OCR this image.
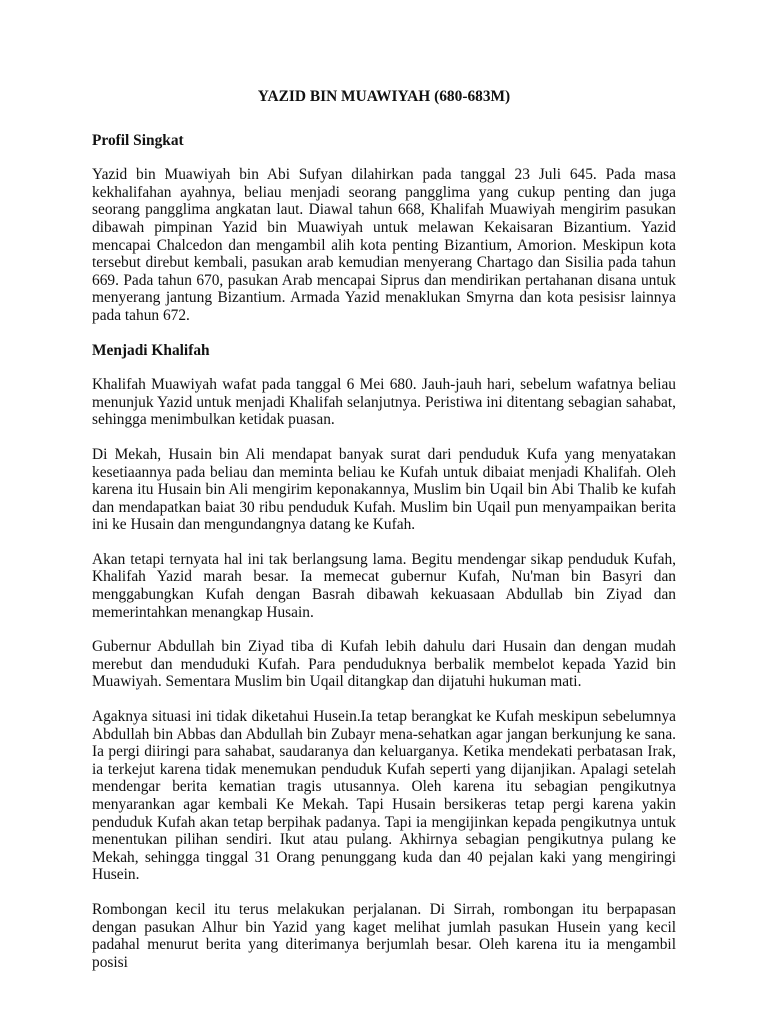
YAZID BIN MUAWIYAH (680-683M)
Profil Singkat

Yazid bin Muawiyah bin Abi Sufyan dilahirkan pada tanggal 23 Juli 645. Pada masa kekhalifahan ayahnya, beliau menjadi seorang pangglima yang cukup penting dan juga seorang pangglima angkatan laut. Diawal tahun 668, Khalifah Muawiyah mengirim pasukan dibawah pimpinan Yazid bin Muawiyah untuk melawan Kekaisaran Bizantium. Yazid mencapai Chalcedon dan mengambil alih kota penting Bizantium, Amorion. Meskipun kota tersebut direbut kembali, pasukan arab kemudian menyerang Chartago dan Sisilia pada tahun 669. Pada tahun 670, pasukan Arab mencapai Siprus dan mendirikan pertahanan disana untuk menyerang jantung Bizantium. Armada Yazid menaklukan Smyrna dan kota pesisisr lainnya pada tahun 672.

Menjadi Khalifah

Khalifah Muawiyah wafat pada tanggal 6 Mei 680. Jauh-jauh hari, sebelum wafatnya beliau menunjuk Yazid untuk menjadi Khalifah selanjutnya. Peristiwa ini ditentang sebagian sahabat, sehingga menimbulkan ketidak puasan.

Di Mekah, Husain bin Ali mendapat banyak surat dari penduduk Kufa yang menyatakan kesetiaannya pada beliau dan meminta beliau ke Kufah untuk dibaiat menjadi Khalifah. Oleh karena itu Husain bin Ali mengirim keponakannya, Muslim bin Uqail bin Abi Thalib ke kufah dan mendapatkan baiat 30 ribu penduduk Kufah. Muslim bin Uqail pun menyampaikan berita ini ke Husain dan mengundangnya datang ke Kufah.

Akan tetapi ternyata hal ini tak berlangsung lama. Begitu mendengar sikap penduduk Kufah, Khalifah Yazid marah besar. Ia memecat gubernur Kufah, Nu'man bin Basyri dan menggabungkan Kufah dengan Basrah dibawah kekuasaan Abdullab bin Ziyad dan memerintahkan menangkap Husain.

Gubernur Abdullah bin Ziyad tiba di Kufah lebih dahulu dari Husain dan dengan mudah merebut dan menduduki Kufah. Para penduduknya berbalik membelot kepada Yazid bin Muawiyah. Sementara Muslim bin Uqail ditangkap dan dijatuhi hukuman mati.

Agaknya situasi ini tidak diketahui Husein.Ia tetap berangkat ke Kufah meskipun sebelumnya Abdullah bin Abbas dan Abdullah bin Zubayr mena-sehatkan agar jangan berkunjung ke sana. Ia pergi diiringi para sahabat, saudaranya dan keluarganya. Ketika mendekati perbatasan Irak, ia terkejut karena tidak menemukan penduduk Kufah seperti yang dijanjikan. Apalagi setelah mendengar berita kematian tragis utusannya. Oleh karena itu sebagian pengikutnya menyarankan agar kembali Ke Mekah. Tapi Husain bersikeras tetap pergi karena yakin penduduk Kufah akan tetap berpihak padanya. Tapi ia mengijinkan kepada pengikutnya untuk menentukan pilihan sendiri. Ikut atau pulang. Akhirnya sebagian pengikutnya pulang ke Mekah, sehingga tinggal 31 Orang penunggang kuda dan 40 pejalan kaki yang mengiringi Husein.

Rombongan kecil itu terus melakukan perjalanan. Di Sirrah, rombongan itu berpapasan dengan pasukan Alhur bin Yazid yang kaget melihat jumlah pasukan Husein yang kecil padahal menurut berita yang diterimanya berjumlah besar. Oleh karena itu ia mengambil posisi
